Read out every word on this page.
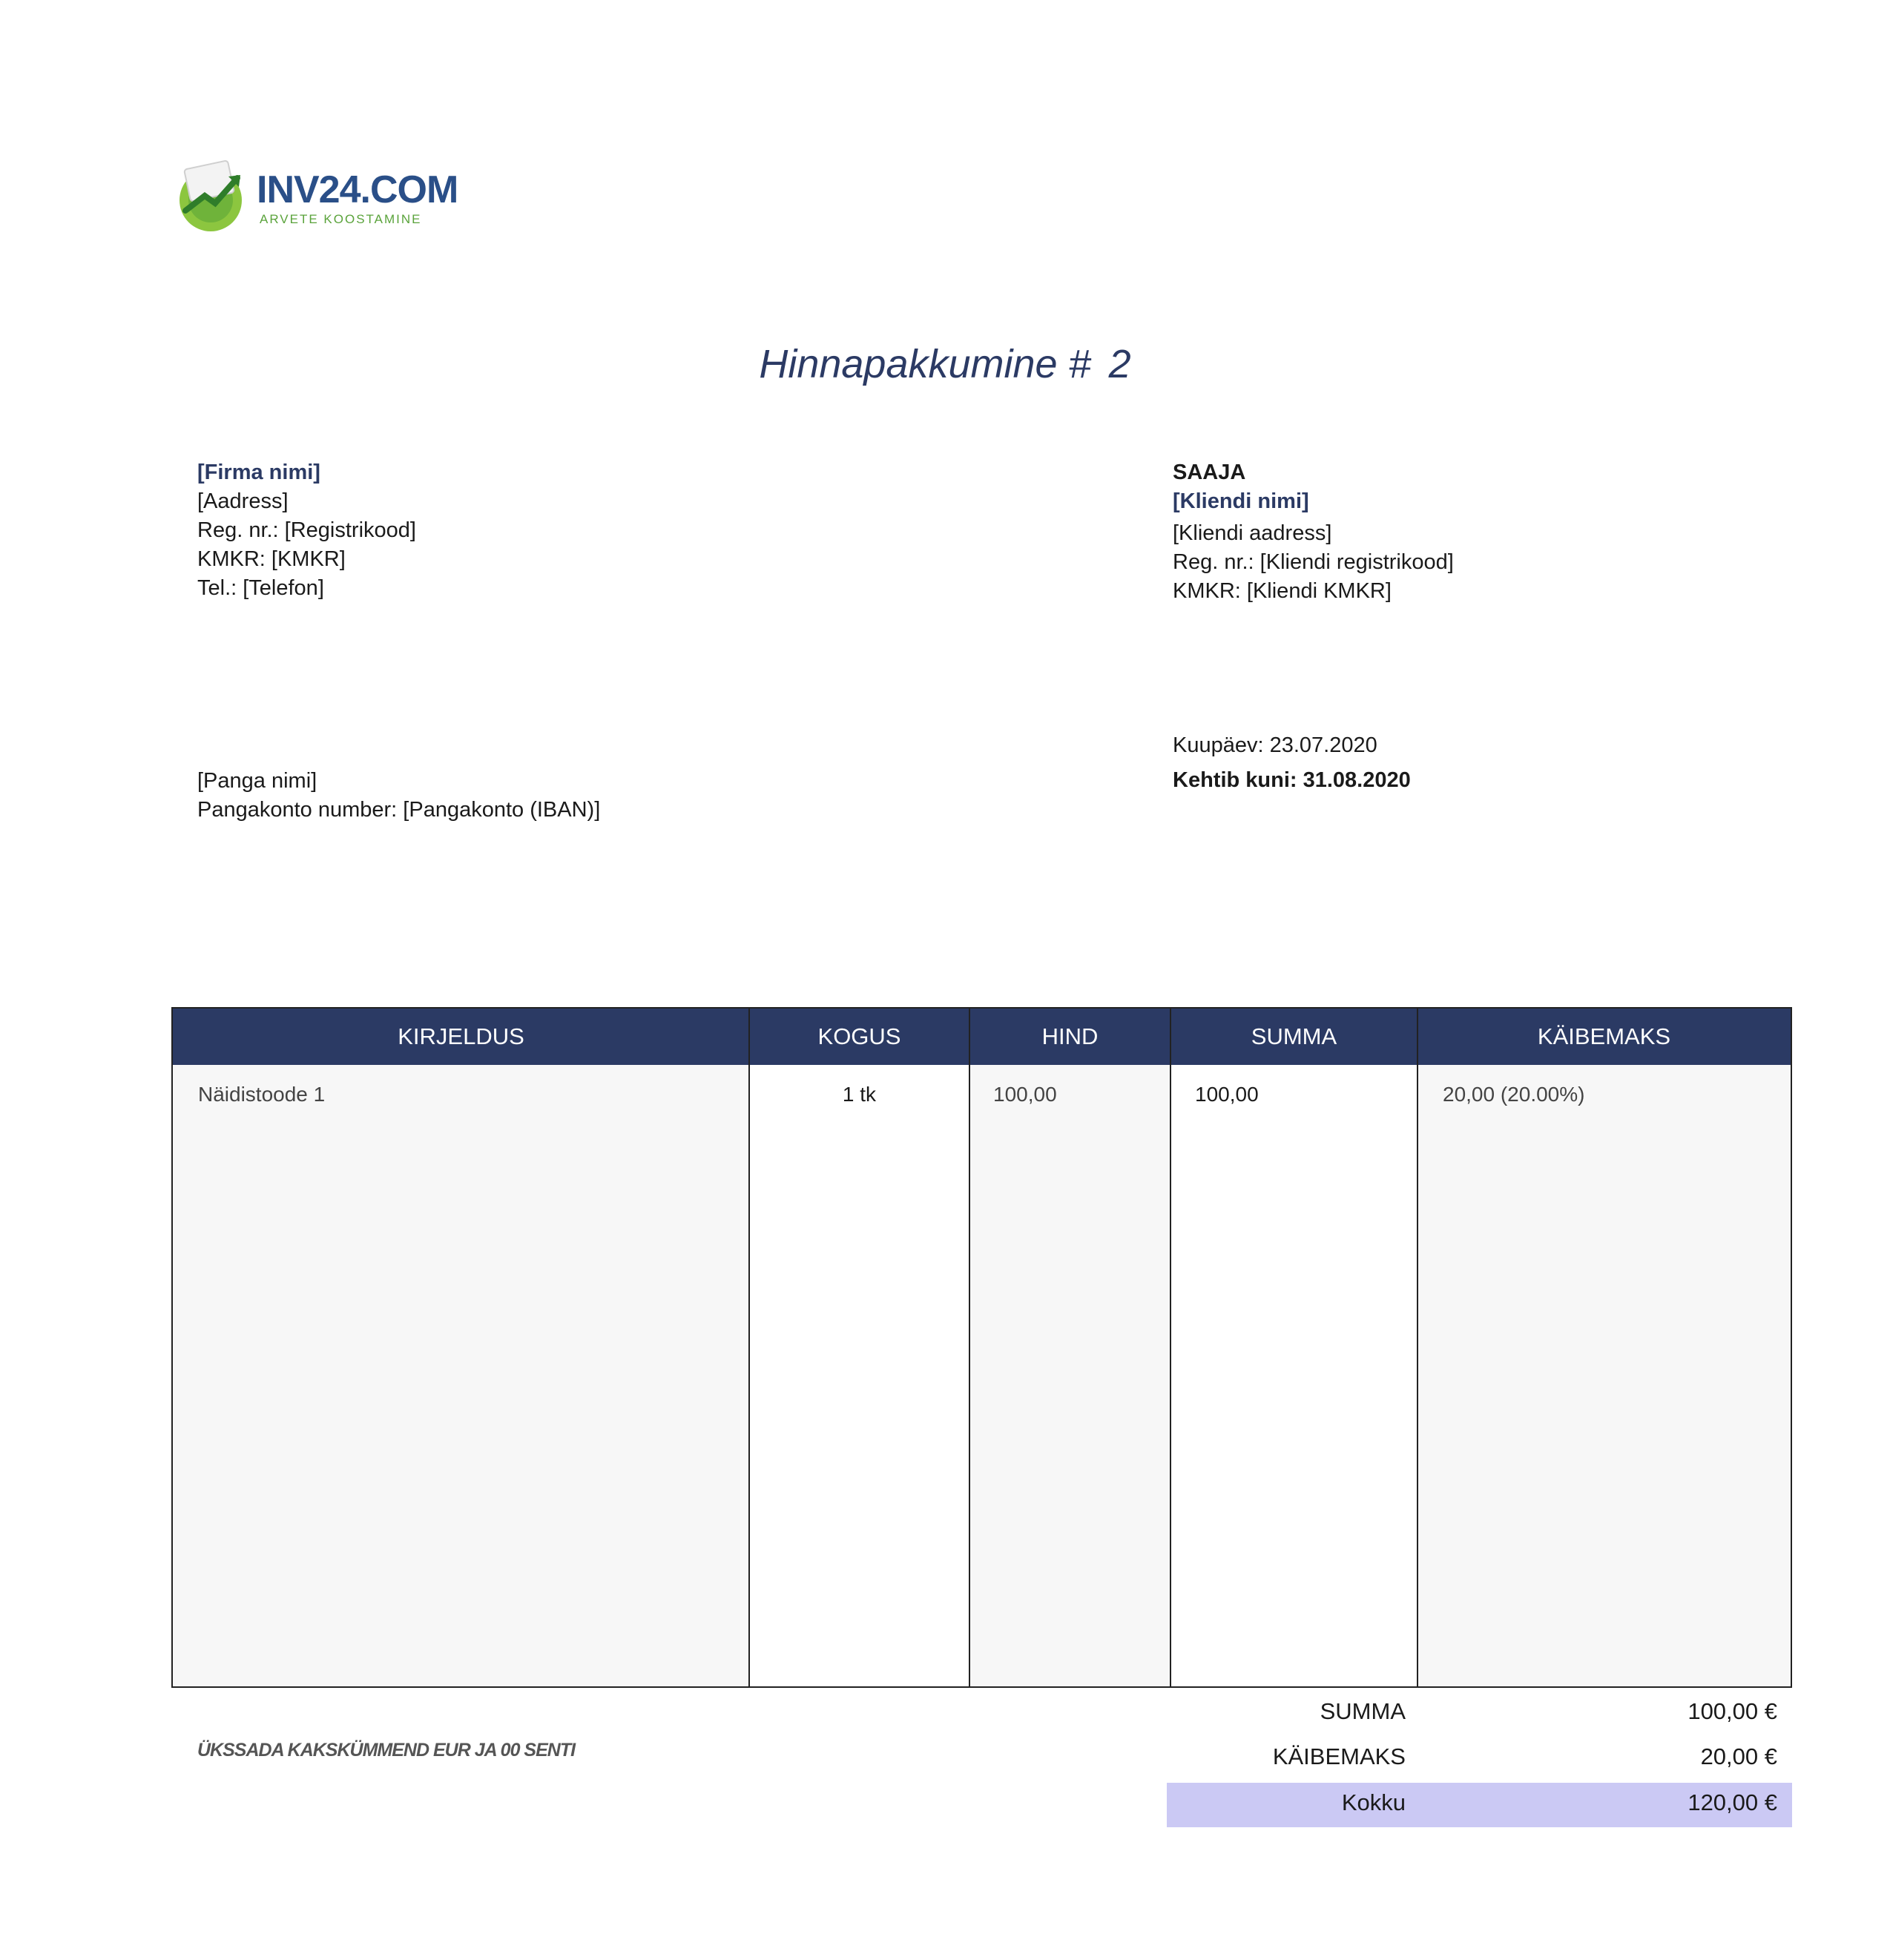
INV24.COM
ARVETE KOOSTAMINE
Hinnapakkumine # 2
[Firma nimi]
[Aadress]
Reg. nr.: [Registrikood]
KMKR: [KMKR]
Tel.: [Telefon]
SAAJA
[Kliendi nimi]
[Kliendi aadress]
Reg. nr.: [Kliendi registrikood]
KMKR: [Kliendi KMKR]
Kuupäev: 23.07.2020
Kehtib kuni: 31.08.2020
[Panga nimi]
Pangakonto number: [Pangakonto (IBAN)]
KIRJELDUS	KOGUS	HIND	SUMMA	KÄIBEMAKS
Näidistoode 1	1 tk	100,00	100,00	20,00 (20.00%)
ÜKSSADA KAKSKÜMMEND EUR JA 00 SENTI
SUMMA	100,00 €
KÄIBEMAKS	20,00 €
Kokku	120,00 €
